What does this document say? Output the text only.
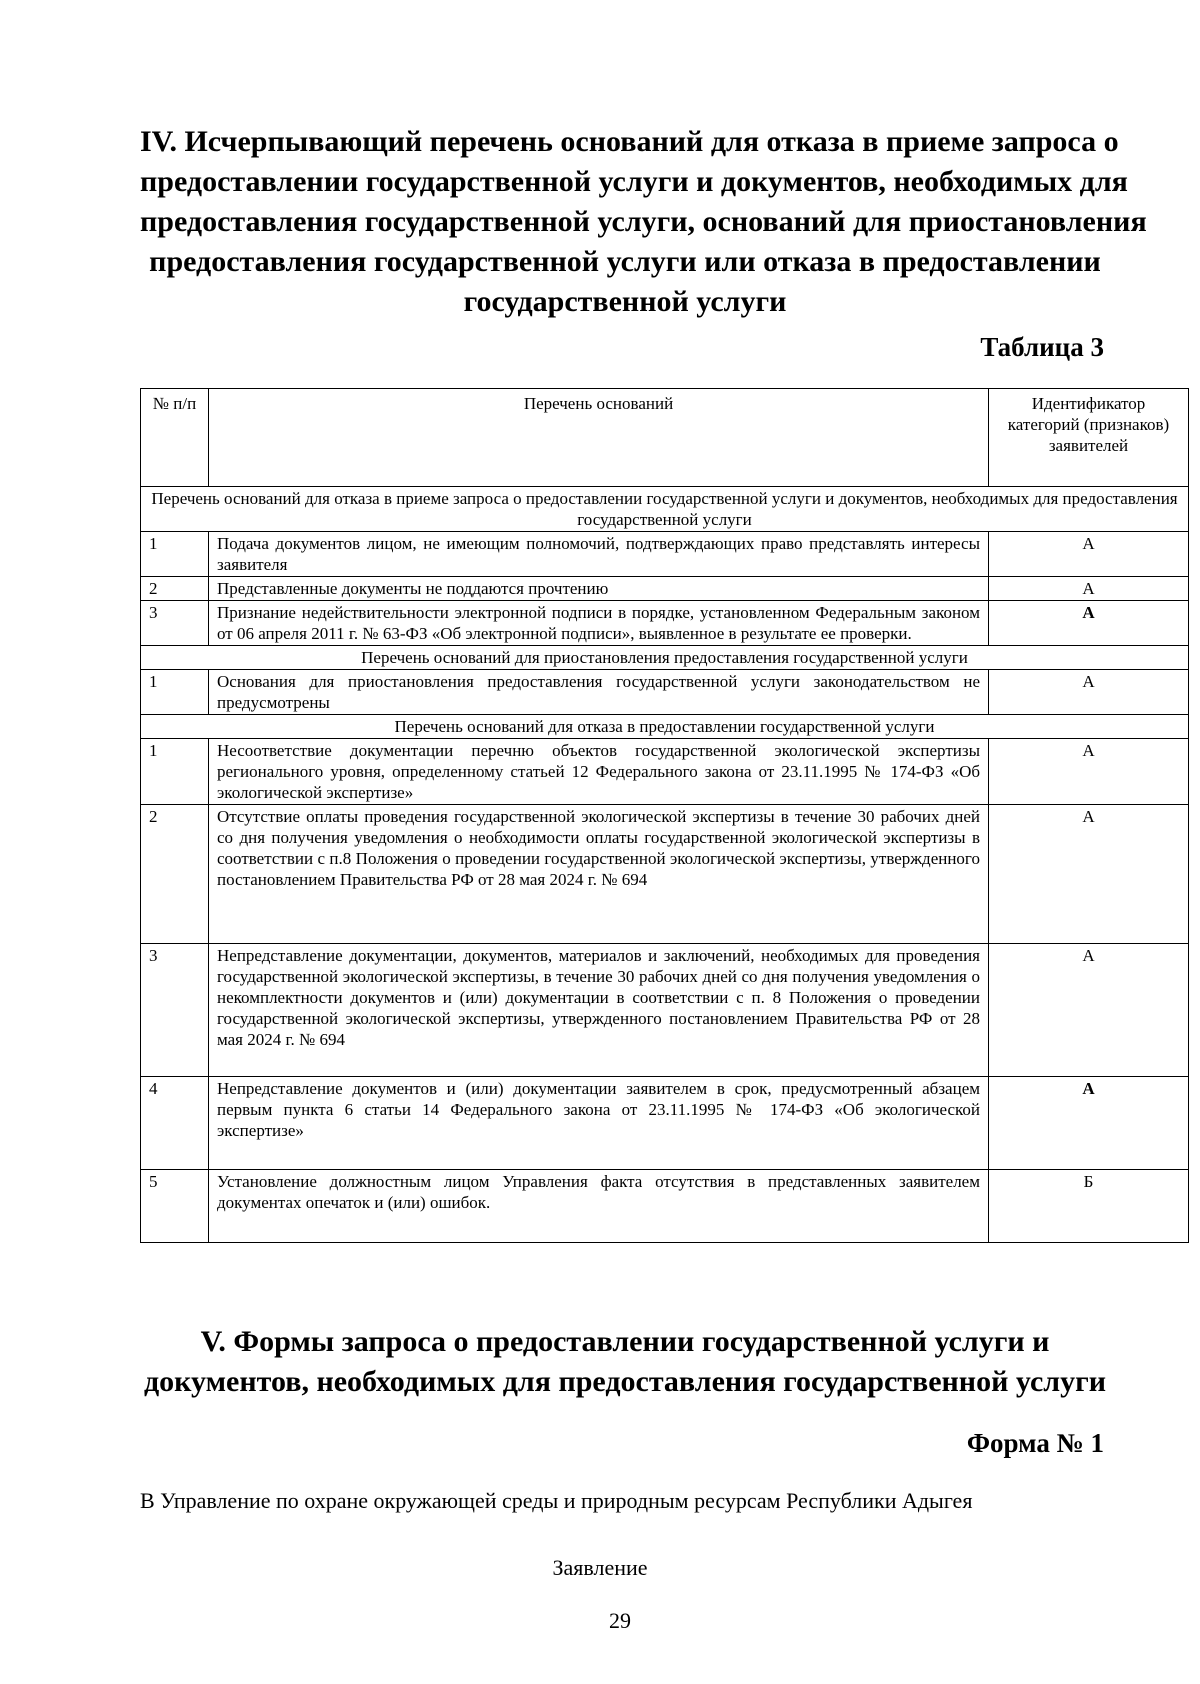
IV. Исчерпывающий перечень оснований для отказа в приеме запроса о
предоставлении государственной услуги и документов, необходимых для
предоставления государственной услуги, оснований для приостановления
предоставления государственной услуги или отказа в предоставлении
государственной услуги
Таблица 3
№ п/п	Перечень оснований	Идентификатор категорий (признаков) заявителей
Перечень оснований для отказа в приеме запроса о предоставлении государственной услуги и документов, необходимых для предоставления государственной услуги		
1	Подача документов лицом, не имеющим полномочий, подтверждающих право представлять интересы заявителя	А
2	Представленные документы не поддаются прочтению	А
3	Признание недействительности электронной подписи в порядке, установленном Федеральным законом от 06 апреля 2011 г. № 63-ФЗ «Об электронной подписи», выявленное в результате ее проверки.	А
Перечень оснований для приостановления предоставления государственной услуги		
1	Основания для приостановления предоставления государственной услуги законодательством не предусмотрены	А
Перечень оснований для отказа в предоставлении государственной услуги		
1	Несоответствие документации перечню объектов государственной экологической экспертизы регионального уровня, определенному статьей 12 Федерального закона от 23.11.1995 № 174-ФЗ «Об экологической экспертизе»	А
2	Отсутствие оплаты проведения государственной экологической экспертизы в течение 30 рабочих дней со дня получения уведомления о необходимости оплаты государственной экологической экспертизы в соответствии с п.8 Положения о проведении государственной экологической экспертизы, утвержденного постановлением Правительства РФ от 28 мая 2024 г. № 694	А
3	Непредставление документации, документов, материалов и заключений, необходимых для проведения государственной экологической экспертизы, в течение 30 рабочих дней со дня получения уведомления о некомплектности документов и (или) документации в соответствии с п. 8 Положения о проведении государственной экологической экспертизы, утвержденного постановлением Правительства РФ от 28 мая 2024 г. № 694	А
4	Непредставление документов и (или) документации заявителем в срок, предусмотренный абзацем первым пункта 6 статьи 14 Федерального закона от 23.11.1995 № 174-ФЗ «Об экологической экспертизе»	А
5	Установление должностным лицом Управления факта отсутствия в представленных заявителем документах опечаток и (или) ошибок.	Б
V. Формы запроса о предоставлении государственной услуги и
документов, необходимых для предоставления государственной услуги
Форма № 1
В Управление по охране окружающей среды и природным ресурсам Республики Адыгея
Заявление
29
